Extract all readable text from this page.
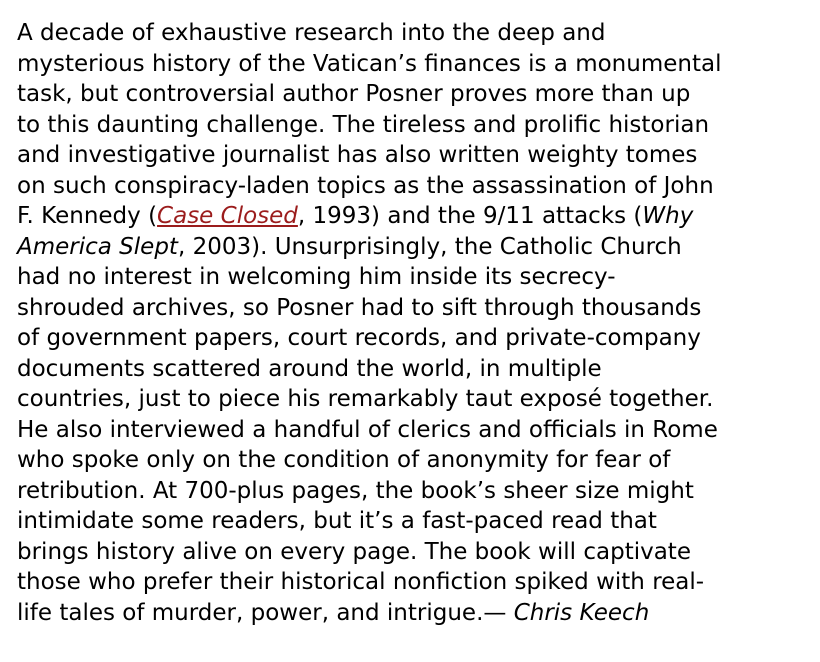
A decade of exhaustive research into the deep and
mysterious history of the Vatican’s finances is a monumental
task, but controversial author Posner proves more than up
to this daunting challenge. The tireless and prolific historian
and investigative journalist has also written weighty tomes
on such conspiracy-laden topics as the assassination of John
F. Kennedy (Case Closed, 1993) and the 9/11 attacks (Why
America Slept, 2003). Unsurprisingly, the Catholic Church
had no interest in welcoming him inside its secrecy-
shrouded archives, so Posner had to sift through thousands
of government papers, court records, and private-company
documents scattered around the world, in multiple
countries, just to piece his remarkably taut exposé together.
He also interviewed a handful of clerics and officials in Rome
who spoke only on the condition of anonymity for fear of
retribution. At 700-plus pages, the book’s sheer size might
intimidate some readers, but it’s a fast-paced read that
brings history alive on every page. The book will captivate
those who prefer their historical nonfiction spiked with real-
life tales of murder, power, and intrigue.— Chris Keech
